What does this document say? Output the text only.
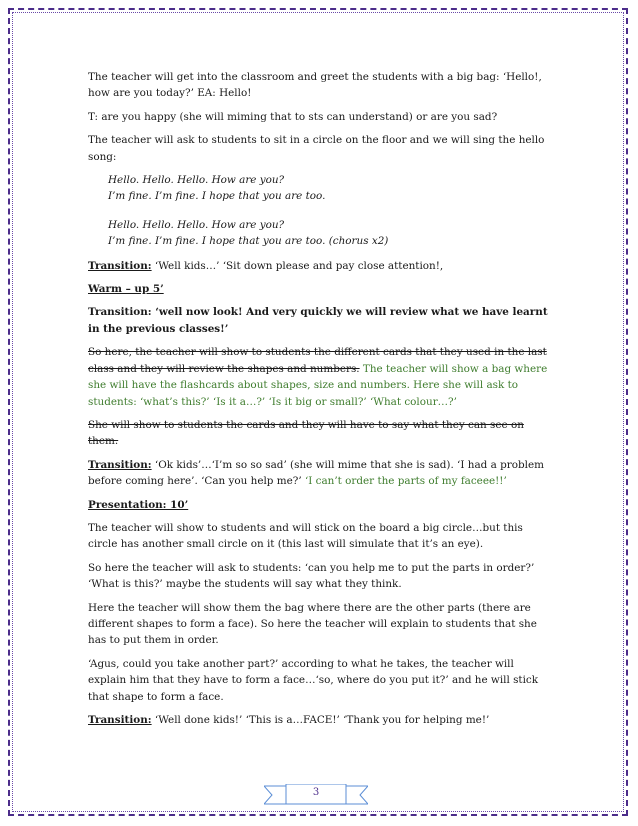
The teacher will get into the classroom and greet the students with a big bag: ‘Hello!, how are you today?’ EA: Hello!

T: are you happy (she will miming that to sts can understand) or are you sad?

The teacher will ask to students to sit in a circle on the floor and we will sing the hello song:

Hello. Hello. Hello. How are you?
I’m fine. I’m fine. I hope that you are too.
Hello. Hello. Hello. How are you?
I’m fine. I’m fine. I hope that you are too. (chorus x2)

Transition: ‘Well kids…’ ‘Sit down please and pay close attention!,

Warm – up 5’

Transition: ‘well now look! And very quickly we will review what we have learnt in the previous classes!’

So here, the teacher will show to students the different cards that they used in the last class and they will review the shapes and numbers. The teacher will show a bag where she will have the flashcards about shapes, size and numbers. Here she will ask to students: ‘what’s this?’ ‘Is it a…?’ ‘Is it big or small?’ ‘What colour…?’

She will show to students the cards and they will have to say what they can see on them.

Transition: ‘Ok kids’…‘I’m so so sad’ (she will mime that she is sad). ‘I had a problem before coming here’. ‘Can you help me?’ ‘I can’t order the parts of my faceee!!’

Presentation: 10’

The teacher will show to students and will stick on the board a big circle…but this circle has another small circle on it (this last will simulate that it’s an eye).

So here the teacher will ask to students: ‘can you help me to put the parts in order?’ ‘What is this?’ maybe the students will say what they think.

Here the teacher will show them the bag where there are the other parts (there are different shapes to form a face). So here the teacher will explain to students that she has to put them in order.

‘Agus, could you take another part?’ according to what he takes, the teacher will explain him that they have to form a face…‘so, where do you put it?’ and he will stick that shape to form a face.

Transition: ‘Well done kids!’ ‘This is a…FACE!’ ‘Thank you for helping me!’

3
